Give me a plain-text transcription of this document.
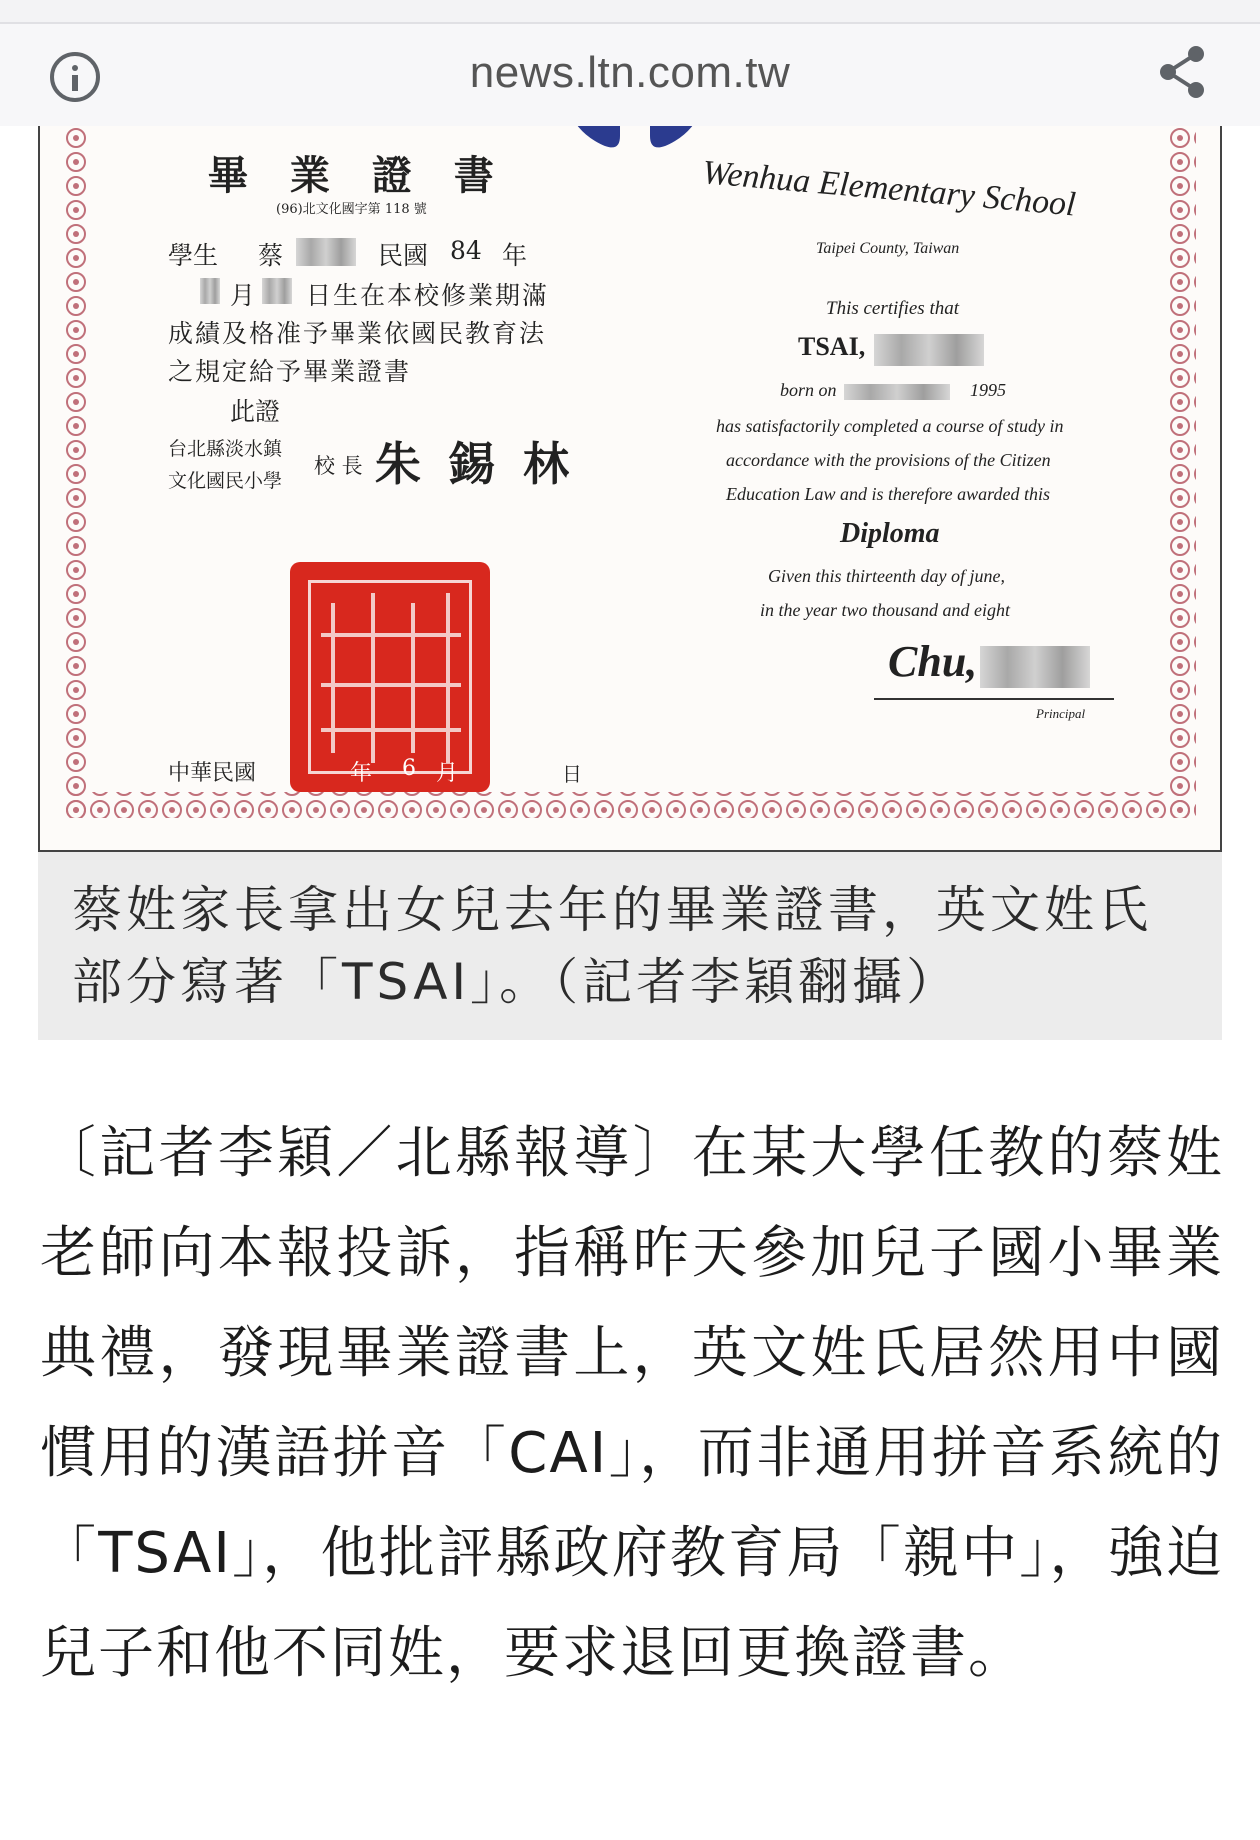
news.ltn.com.tw
畢 業 證 書
(96)北文化國字第 118 號
學生 蔡	民國 84 年
月 日生在本校修業期滿
成績及格准予畢業依國民教育法
之規定給予畢業證書
此證
台北縣淡水鎮
文化國民小學
校 長 朱 錫 林
中華民國	年 6 月	日
Wenhua Elementary School
Taipei County, Taiwan
This certifies that
TSAI,
born on	1995
has satisfactorily completed a course of study in
accordance with the provisions of the Citizen
Education Law and is therefore awarded this
Diploma
Given this thirteenth day of june,
in the year two thousand and eight
Chu,
Principal

蔡姓家長拿出女兒去年的畢業證書，英文姓氏部分寫著「TSAI」。（記者李穎翻攝）

〔記者李穎／北縣報導〕在某大學任教的蔡姓老師向本報投訴，指稱昨天參加兒子國小畢業典禮，發現畢業證書上，英文姓氏居然用中國慣用的漢語拼音「CAI」，而非通用拼音系統的「TSAI」，他批評縣政府教育局「親中」，強迫兒子和他不同姓，要求退回更換證書。
